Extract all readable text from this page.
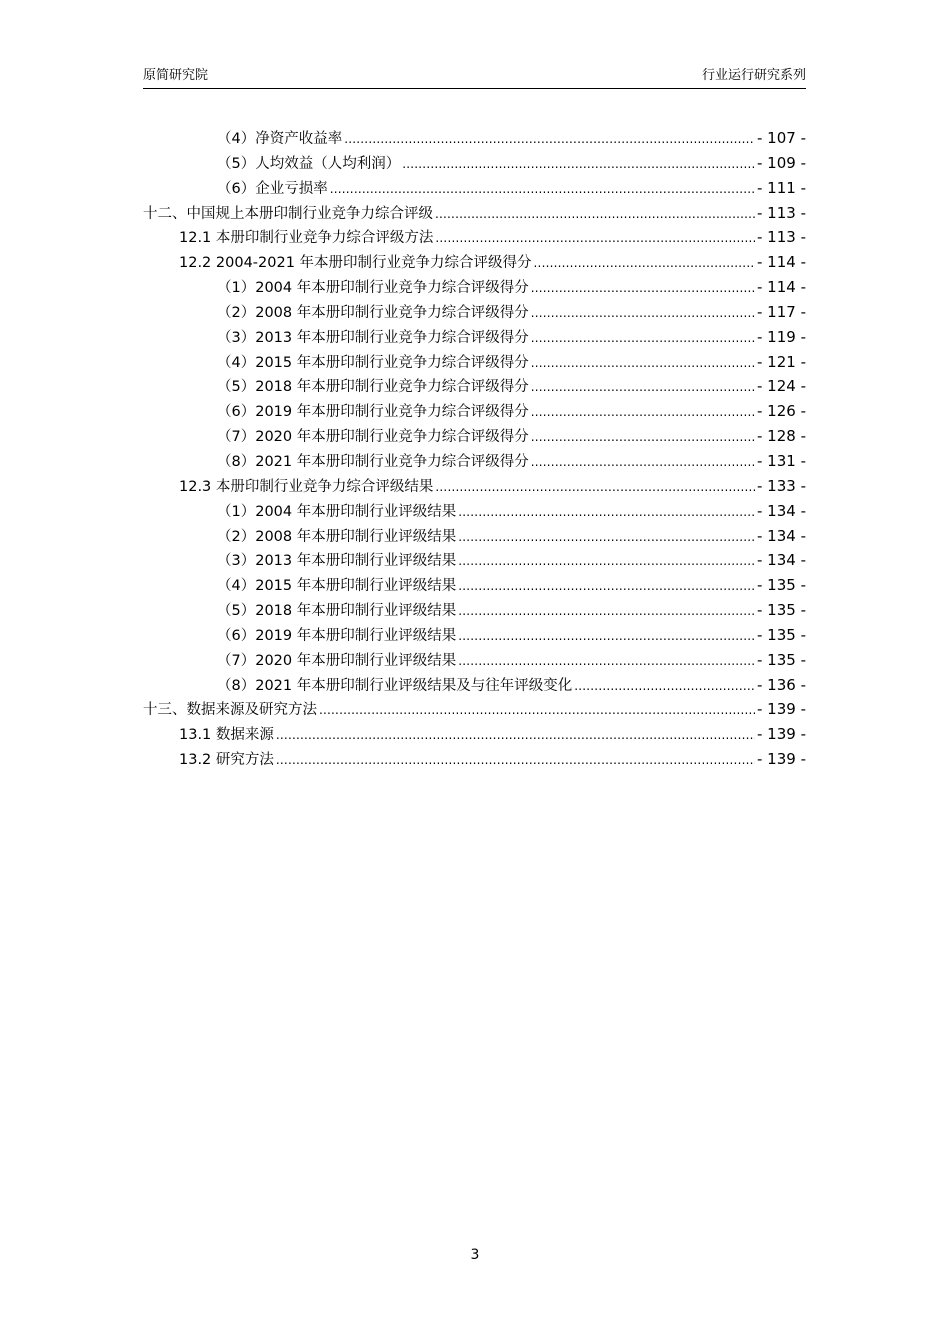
原简研究院	行业运行研究系列
（4）净资产收益率 .....	- 107 -
（5）人均效益（人均利润） .....	- 109 -
（6）企业亏损率 .....	- 111 -
十二、中国规上本册印制行业竞争力综合评级 .....	- 113 -
12.1 本册印制行业竞争力综合评级方法 .....	- 113 -
12.2 2004-2021 年本册印制行业竞争力综合评级得分 .....	- 114 -
（1）2004 年本册印制行业竞争力综合评级得分 .....	- 114 -
（2）2008 年本册印制行业竞争力综合评级得分 .....	- 117 -
（3）2013 年本册印制行业竞争力综合评级得分 .....	- 119 -
（4）2015 年本册印制行业竞争力综合评级得分 .....	- 121 -
（5）2018 年本册印制行业竞争力综合评级得分 .....	- 124 -
（6）2019 年本册印制行业竞争力综合评级得分 .....	- 126 -
（7）2020 年本册印制行业竞争力综合评级得分 .....	- 128 -
（8）2021 年本册印制行业竞争力综合评级得分 .....	- 131 -
12.3 本册印制行业竞争力综合评级结果 .....	- 133 -
（1）2004 年本册印制行业评级结果 .....	- 134 -
（2）2008 年本册印制行业评级结果 .....	- 134 -
（3）2013 年本册印制行业评级结果 .....	- 134 -
（4）2015 年本册印制行业评级结果 .....	- 135 -
（5）2018 年本册印制行业评级结果 .....	- 135 -
（6）2019 年本册印制行业评级结果 .....	- 135 -
（7）2020 年本册印制行业评级结果 .....	- 135 -
（8）2021 年本册印制行业评级结果及与往年评级变化 .....	- 136 -
十三、数据来源及研究方法 .....	- 139 -
13.1 数据来源 .....	- 139 -
13.2 研究方法 .....	- 139 -
3
